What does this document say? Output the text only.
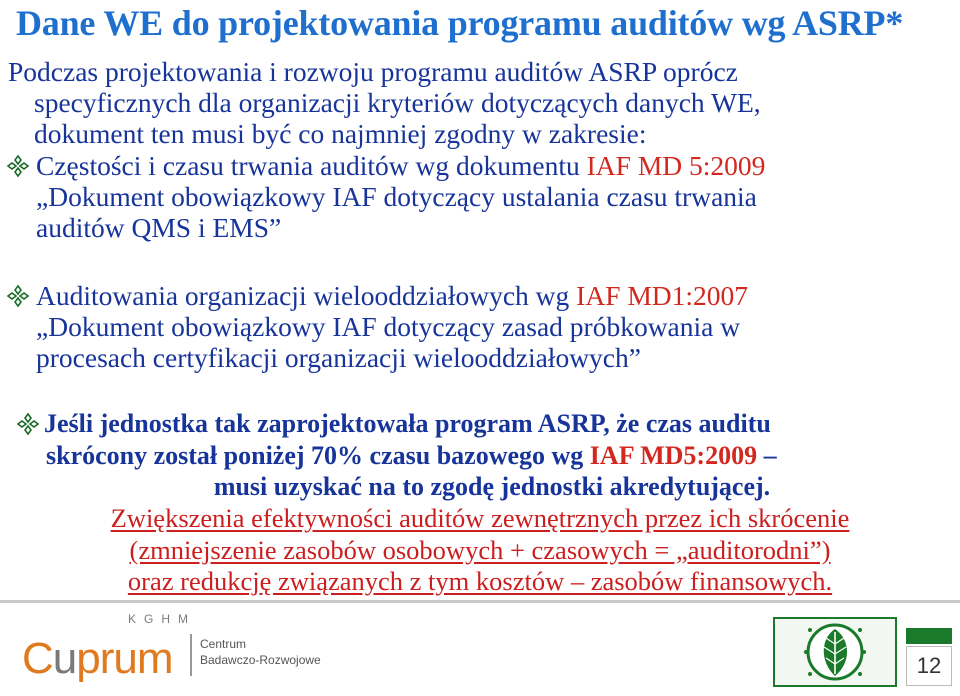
Dane WE do projektowania programu auditów wg ASRP*
Podczas projektowania i rozwoju programu auditów ASRP oprócz
specyficznych dla organizacji kryteriów dotyczących danych WE,
dokument ten musi być co najmniej zgodny w zakresie:
Częstości i czasu trwania auditów wg dokumentu IAF MD 5:2009
„Dokument obowiązkowy IAF dotyczący ustalania czasu trwania
auditów QMS i EMS”
Auditowania organizacji wielooddziałowych wg IAF MD1:2007
„Dokument obowiązkowy IAF dotyczący zasad próbkowania w
procesach certyfikacji organizacji wielooddziałowych”
Jeśli jednostka tak zaprojektowała program ASRP, że czas auditu
skrócony został poniżej 70% czasu bazowego wg IAF MD5:2009 –
musi uzyskać na to zgodę jednostki akredytującej.
Zwiększenia efektywności auditów zewnętrznych przez ich skrócenie
(zmniejszenie zasobów osobowych + czasowych = „auditorodni”)
oraz redukcję związanych z tym kosztów – zasobów finansowych.
KGHM
Cuprum Centrum
Badawczo-Rozwojowe	12
